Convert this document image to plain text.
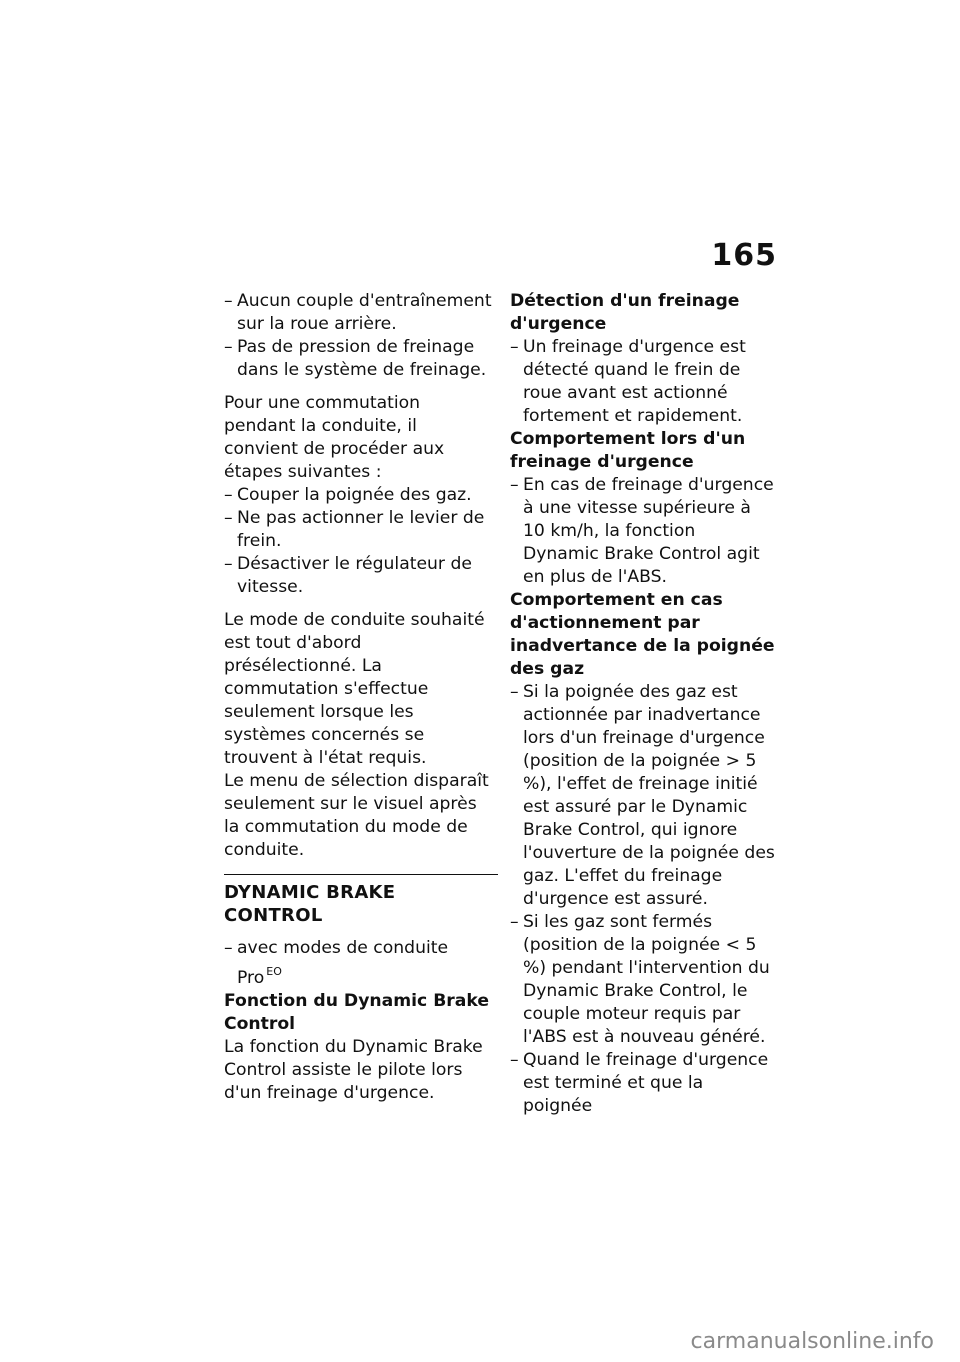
165

– Aucun couple d'entraînement sur la roue arrière.

– Pas de pression de freinage dans le système de freinage.

Pour une commutation pendant la conduite, il convient de procéder aux étapes suivantes :

– Couper la poignée des gaz.

– Ne pas actionner le levier de frein.

– Désactiver le régulateur de vitesse.

Le mode de conduite souhaité est tout d'abord présélectionné. La commutation s'effectue seulement lorsque les systèmes concernés se trouvent à l'état requis.

Le menu de sélection disparaît seulement sur le visuel après la commutation du mode de conduite.

DYNAMIC BRAKE CONTROL

– avec modes de conduite Pro $^{EO}$

Fonction du Dynamic Brake Control

La fonction du Dynamic Brake Control assiste le pilote lors d'un freinage d'urgence.

Détection d'un freinage d'urgence

– Un freinage d'urgence est détecté quand le frein de roue avant est actionné fortement et rapidement.

Comportement lors d'un freinage d'urgence

– En cas de freinage d'urgence à une vitesse supérieure à 10 km/h, la fonction Dynamic Brake Control agit en plus de l'ABS.

Comportement en cas d'actionnement par inadvertance de la poignée des gaz

– Si la poignée des gaz est actionnée par inadvertance lors d'un freinage d'urgence (position de la poignée > 5 %), l'effet de freinage initié est assuré par le Dynamic Brake Control, qui ignore l'ouverture de la poignée des gaz. L'effet du freinage d'urgence est assuré.

– Si les gaz sont fermés (position de la poignée < 5 %) pendant l'intervention du Dynamic Brake Control, le couple moteur requis par l'ABS est à nouveau généré.

– Quand le freinage d'urgence est terminé et que la poignée

carmanualsonline.info
